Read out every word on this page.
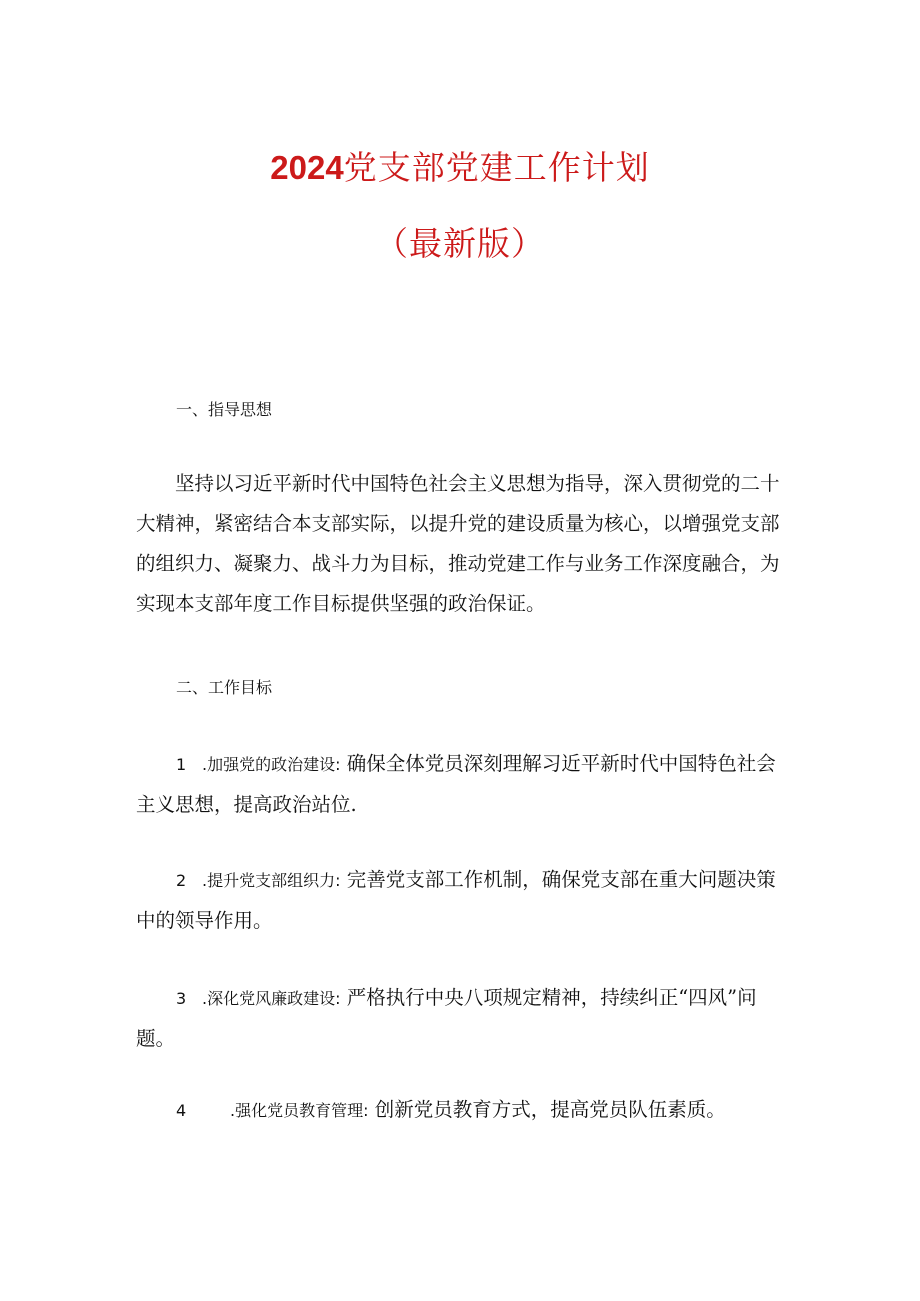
2024党支部党建工作计划
（最新版）
一、指导思想

坚持以习近平新时代中国特色社会主义思想为指导，深入贯彻党的二十大精神，紧密结合本支部实际，以提升党的建设质量为核心，以增强党支部的组织力、凝聚力、战斗力为目标，推动党建工作与业务工作深度融合，为实现本支部年度工作目标提供坚强的政治保证。

二、工作目标

1 .加强党的政治建设: 确保全体党员深刻理解习近平新时代中国特色社会主义思想，提高政治站位.

2 .提升党支部组织力: 完善党支部工作机制，确保党支部在重大问题决策中的领导作用。

3 .深化党风廉政建设: 严格执行中央八项规定精神，持续纠正“四风”问题。

4	.强化党员教育管理: 创新党员教育方式，提高党员队伍素质。
